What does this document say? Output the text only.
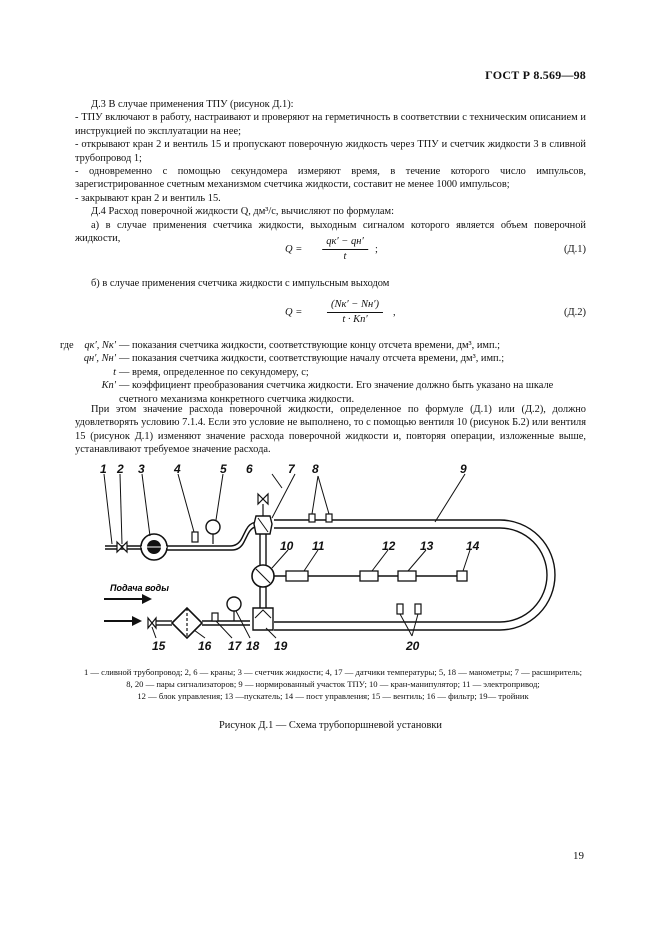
ГОСТ Р 8.569—98

Д.3 В случае применения ТПУ (рисунок Д.1):

- ТПУ включают в работу, настраивают и проверяют на герметичность в соответствии с техническим описанием и инструкцией по эксплуатации на нее;

- открывают кран 2 и вентиль 15 и пропускают поверочную жидкость через ТПУ и счетчик жидкости 3 в сливной трубопровод 1;

- одновременно с помощью секундомера измеряют время, в течение которого число импульсов, зарегистрированное счетным механизмом счетчика жидкости, составит не менее 1000 импульсов;

- закрывают кран 2 и вентиль 15.

Д.4 Расход поверочной жидкости Q, дм³/с, вычисляют по формулам:

а) в случае применения счетчика жидкости, выходным сигналом которого является объем поверочной жидкости,

Q =
qк′ − qн′
t
;	(Д.1)
б) в случае применения счетчика жидкости с импульсным выходом
Q =
(Nк′ − Nн′)
t · Кп′
,	(Д.2)
где	qк′, Nк′ — показания счетчика жидкости, соответствующие концу отсчета времени, дм³, имп.;
qн′, Nн′ — показания счетчика жидкости, соответствующие началу отсчета времени, дм³, имп.;
t — время, определенное по секундомеру, с;
Кп′ — коэффициент преобразования счетчика жидкости. Его значение должно быть указано на шкале счетного механизма конкретного счетчика жидкости.
При этом значение расхода поверочной жидкости, определенное по формуле (Д.1) или (Д.2), должно удовлетворять условию 7.1.4. Если это условие не выполнено, то с помощью вентиля 10 (рисунок Б.2) или вентиля 15 (рисунок Д.1) изменяют значение расхода поверочной жидкости и, повторяя операции, изложенные выше, устанавливают требуемое значение расхода.
Подача воды
1 2 3 4	5 6	7 8	9
10 11	12 13	14
15	16 17 18 19	20
1 — сливной трубопровод; 2, 6 — краны; 3 — счетчик жидкости; 4, 17 — датчики температуры; 5, 18 — манометры; 7 — расширитель; 8, 20 — пары сигнализаторов; 9 — нормированный участок ТПУ; 10 — кран-манипулятор; 11 — электропривод;
12 — блок управления; 13 —пускатель; 14 — пост управления; 15 — вентиль; 16 — фильтр; 19— тройник
Рисунок Д.1 — Схема трубопоршневой установки
19
